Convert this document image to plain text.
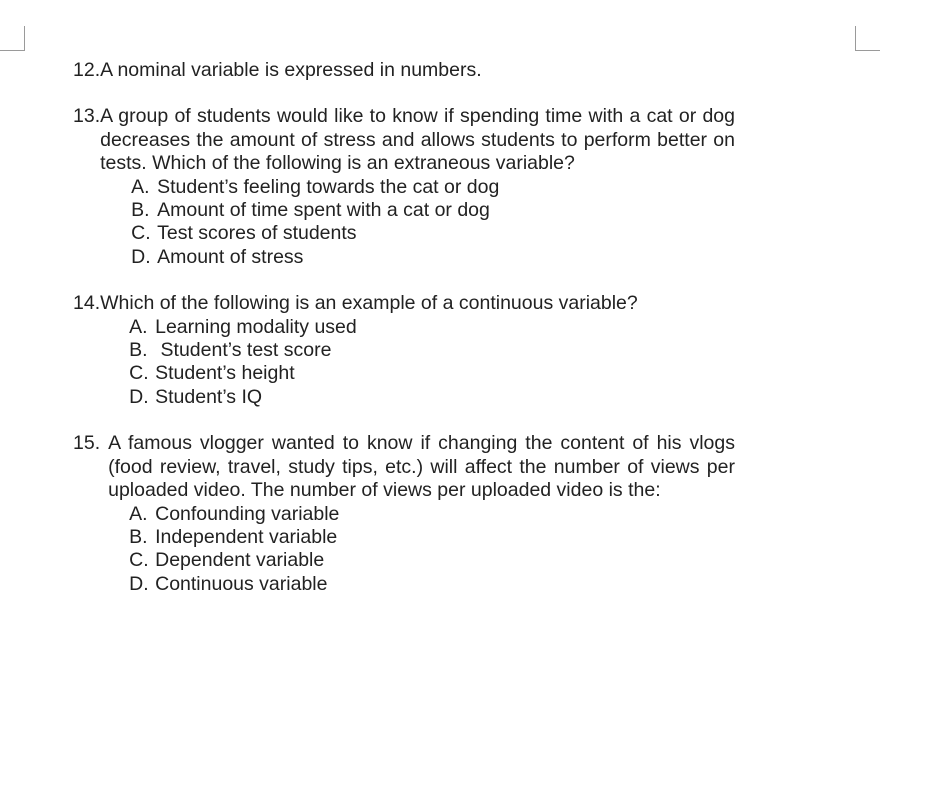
12. A nominal variable is expressed in numbers.
13. A group of students would like to know if spending time with a cat or dog decreases the amount of stress and allows students to perform better on tests. Which of the following is an extraneous variable?
A. Student’s feeling towards the cat or dog
B. Amount of time spent with a cat or dog
C. Test scores of students
D. Amount of stress
14. Which of the following is an example of a continuous variable?
A. Learning modality used
B. Student’s test score
C. Student’s height
D. Student’s IQ
15. A famous vlogger wanted to know if changing the content of his vlogs (food review, travel, study tips, etc.) will affect the number of views per uploaded video. The number of views per uploaded video is the:
A. Confounding variable
B. Independent variable
C. Dependent variable
D. Continuous variable
